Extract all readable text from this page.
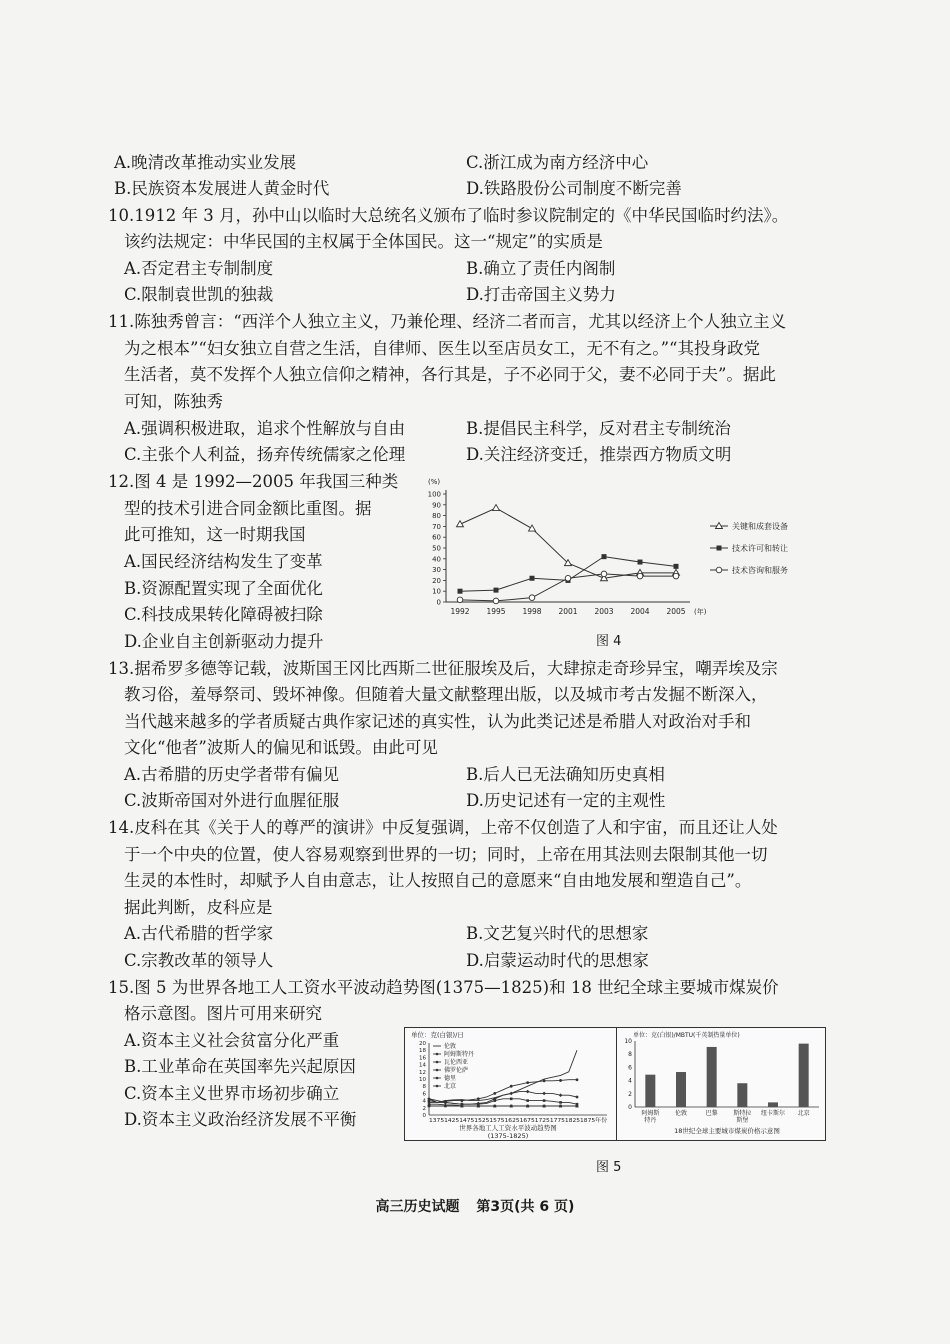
A.晚清改革推动实业发展	C.浙江成为南方经济中心
B.民族资本发展进人黄金时代	D.铁路股份公司制度不断完善
10.1912 年 3 月，孙中山以临时大总统名义颁布了临时参议院制定的《中华民国临时约法》。
该约法规定：中华民国的主权属于全体国民。这一“规定”的实质是
A.否定君主专制制度	B.确立了责任内阁制
C.限制袁世凯的独裁	D.打击帝国主义势力
11.陈独秀曾言：“西洋个人独立主义，乃兼伦理、经济二者而言，尤其以经济上个人独立主义
为之根本”“妇女独立自营之生活，自律师、医生以至店员女工，无不有之。”“其投身政党
生活者，莫不发挥个人独立信仰之精神，各行其是，子不必同于父，妻不必同于夫”。据此
可知，陈独秀
A.强调积极进取，追求个性解放与自由	B.提倡民主科学，反对君主专制统治
C.主张个人利益，扬弃传统儒家之伦理	D.关注经济变迁，推崇西方物质文明
12.图 4 是 1992—2005 年我国三种类
型的技术引进合同金额比重图。据
此可推知，这一时期我国
A.国民经济结构发生了变革
B.资源配置实现了全面优化
C.科技成果转化障碍被扫除
D.企业自主创新驱动力提升
(%)
0
10
20
30
40
50
60
70
80
90
100
1992 1995 1998 2001 2003 2004 2005 (年)
关键和成套设备
技术许可和转让
技术咨询和服务
图 4
13.据希罗多德等记载，波斯国王冈比西斯二世征服埃及后，大肆掠走奇珍异宝，嘲弄埃及宗
教习俗，羞辱祭司、毁坏神像。但随着大量文献整理出版，以及城市考古发掘不断深入，
当代越来越多的学者质疑古典作家记述的真实性，认为此类记述是希腊人对政治对手和
文化“他者”波斯人的偏见和诋毁。由此可见
A.古希腊的历史学者带有偏见	B.后人已无法确知历史真相
C.波斯帝国对外进行血腥征服	D.历史记述有一定的主观性
14.皮科在其《关于人的尊严的演讲》中反复强调，上帝不仅创造了人和宇宙，而且还让人处
于一个中央的位置，使人容易观察到世界的一切；同时，上帝在用其法则去限制其他一切
生灵的本性时，却赋予人自由意志，让人按照自己的意愿来“自由地发展和塑造自己”。
据此判断，皮科应是
A.古代希腊的哲学家	B.文艺复兴时代的思想家
C.宗教改革的领导人	D.启蒙运动时代的思想家
15.图 5 为世界各地工人工资水平波动趋势图(1375—1825)和 18 世纪全球主要城市煤炭价
格示意图。图片可用来研究
A.资本主义社会贫富分化严重
B.工业革命在英国率先兴起原因
C.资本主义世界市场初步确立
D.资本主义政治经济发展不平衡
单位：克(白银)/日
0
2
4
6
8
10
12
14
16
18
20
13751425147515251575162516751725177518251875年份
世界各地工人工资水平波动趋势图
(1375-1825)
伦敦
阿姆斯特丹
瓦伦西亚
佛罗伦萨
德里
北京
单位：克(白银)/MBTU(千英制热量单位)
0
2
4
6
8
10
阿姆斯
特丹
伦敦	巴黎	斯特拉
斯堡
纽卡斯尔 北京
18世纪全球主要城市煤炭价格示意图
图 5
高三历史试题 第3页(共 6 页)
